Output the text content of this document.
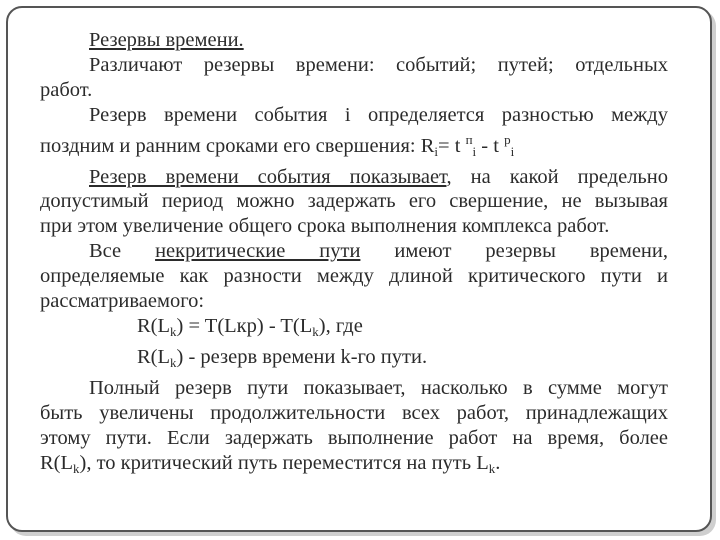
Резервы времени.
Различают резервы времени: событий; путей; отдельных
работ.
Резерв времени события i определяется разностью между
поздним и ранним сроками его свершения: $R_i= t$ $^п_i$ - t $^p_i$
Резерв времени события показывает, на какой предельно
допустимый период можно задержать его свершение, не вызывая
при этом увеличение общего срока выполнения комплекса работ.
Все некритические пути имеют резервы времени,
определяемые как разности между длиной критического пути и
рассматриваемого:
$R(L_k) = T(Lкр) - T(L_k)$, где
$R(L_k)$ - резерв времени k-го пути.
Полный резерв пути показывает, насколько в сумме могут
быть увеличены продолжительности всех работ, принадлежащих
этому пути. Если задержать выполнение работ на время, более
$R(L_k)$, то критический путь переместится на путь $L_k$.
